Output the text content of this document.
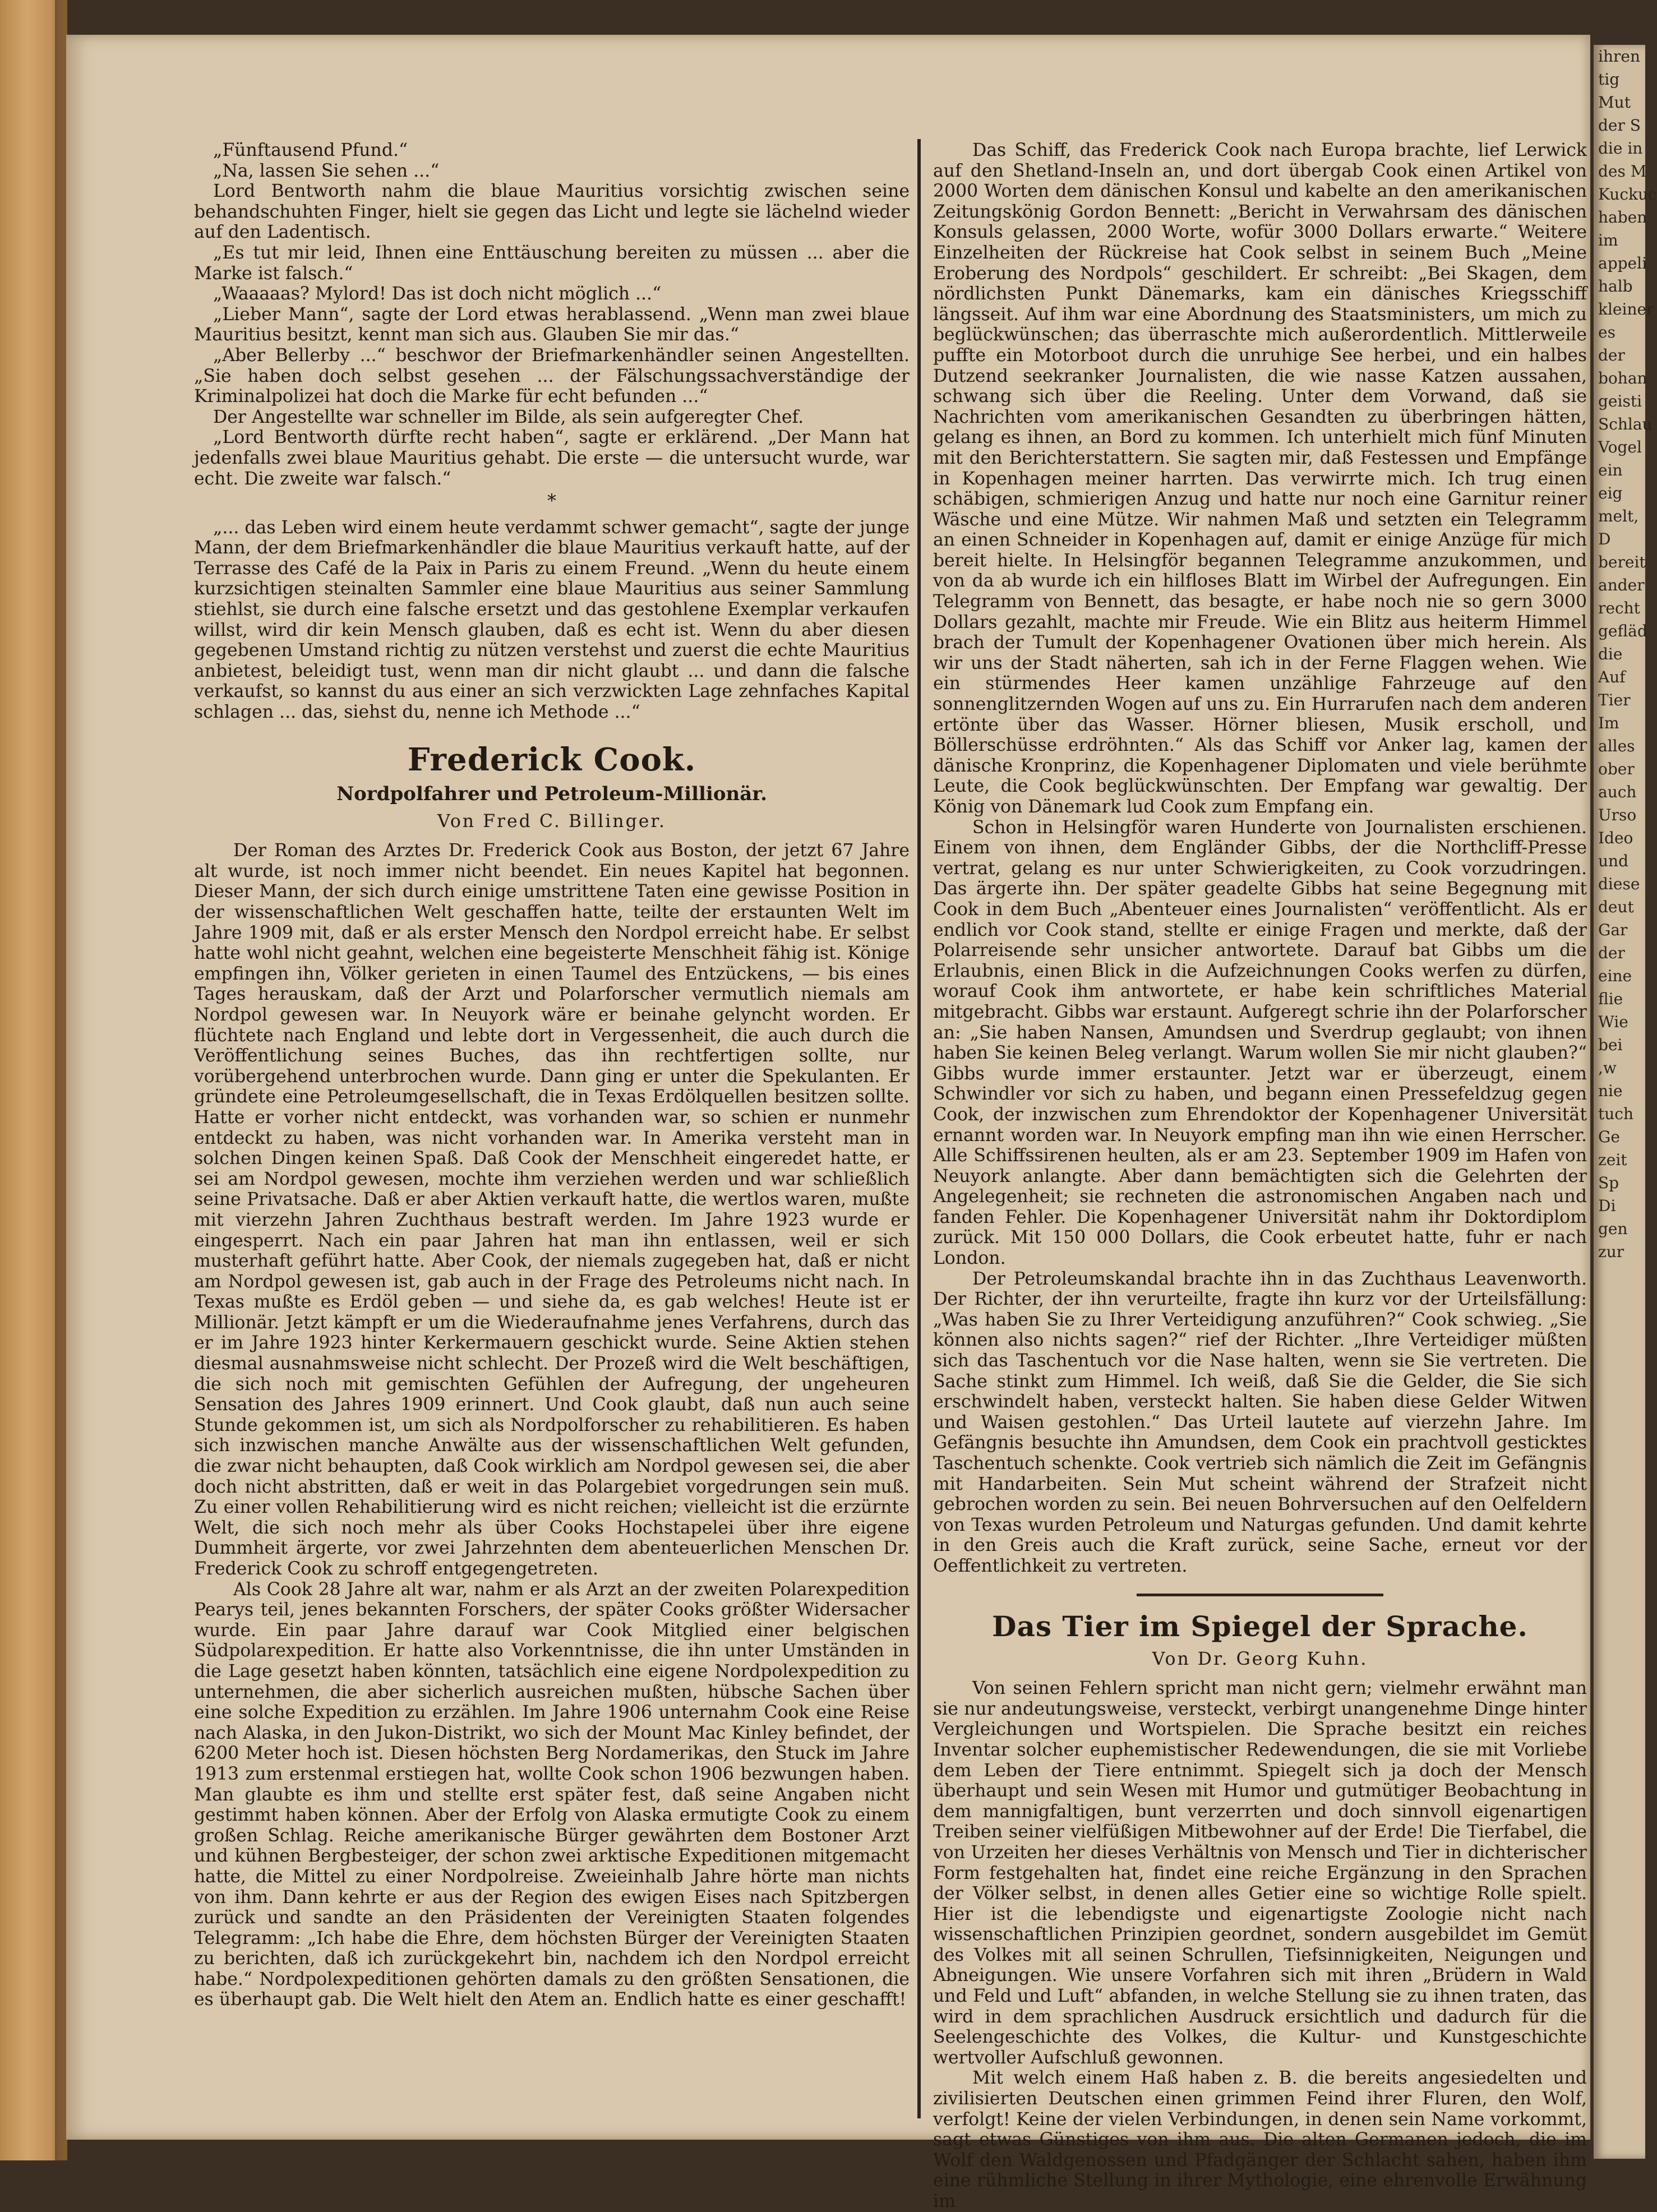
ihren
tig
Mut
der S
die in
des M
Kuckuc
haben
im
appeli
halb
kleiner
es
der
bohan
geisti
Schlau
Vogel
ein
eig
melt,
D
bereit
ander
recht
gefläd
die
Auf
Tier
Im
alles
ober
auch
Urso
Ideo
und
diese
deut
Gar
der
eine
flie
Wie
bei
,w
nie
tuch
Ge
zeit
Sp
Di
gen
zur

„Fünftausend Pfund.“

„Na, lassen Sie sehen ...“

Lord Bentworth nahm die blaue Mauritius vorsichtig zwischen seine behandschuhten Finger, hielt sie gegen das Licht und legte sie lächelnd wieder auf den Ladentisch.

„Es tut mir leid, Ihnen eine Enttäuschung bereiten zu müssen ... aber die Marke ist falsch.“

„Waaaaas? Mylord! Das ist doch nicht möglich ...“

„Lieber Mann“, sagte der Lord etwas herablassend. „Wenn man zwei blaue Mauritius besitzt, kennt man sich aus. Glauben Sie mir das.“

„Aber Bellerby ...“ beschwor der Briefmarkenhändler seinen Angestellten. „Sie haben doch selbst gesehen ... der Fälschungssachverständige der Kriminalpolizei hat doch die Marke für echt befunden ...“

Der Angestellte war schneller im Bilde, als sein aufgeregter Chef.

„Lord Bentworth dürfte recht haben“, sagte er erklärend. „Der Mann hat jedenfalls zwei blaue Mauritius gehabt. Die erste — die untersucht wurde, war echt. Die zweite war falsch.“

*

„... das Leben wird einem heute verdammt schwer gemacht“, sagte der junge Mann, der dem Briefmarkenhändler die blaue Mauritius verkauft hatte, auf der Terrasse des Café de la Paix in Paris zu einem Freund. „Wenn du heute einem kurzsichtigen steinalten Sammler eine blaue Mauritius aus seiner Sammlung stiehlst, sie durch eine falsche ersetzt und das gestohlene Exemplar verkaufen willst, wird dir kein Mensch glauben, daß es echt ist. Wenn du aber diesen gegebenen Umstand richtig zu nützen verstehst und zuerst die echte Mauritius anbietest, beleidigt tust, wenn man dir nicht glaubt ... und dann die falsche verkaufst, so kannst du aus einer an sich verzwickten Lage zehnfaches Kapital schlagen ... das, siehst du, nenne ich Methode ...“

Frederick Cook.
Nordpolfahrer und Petroleum-Millionär.
Von Fred C. Billinger.

Der Roman des Arztes Dr. Frederick Cook aus Boston, der jetzt 67 Jahre alt wurde, ist noch immer nicht beendet. Ein neues Kapitel hat begonnen. Dieser Mann, der sich durch einige umstrittene Taten eine gewisse Position in der wissenschaftlichen Welt geschaffen hatte, teilte der erstaunten Welt im Jahre 1909 mit, daß er als erster Mensch den Nordpol erreicht habe. Er selbst hatte wohl nicht geahnt, welchen eine begeisterte Menschheit fähig ist. Könige empfingen ihn, Völker gerieten in einen Taumel des Entzückens, — bis eines Tages herauskam, daß der Arzt und Polarforscher vermutlich niemals am Nordpol gewesen war. In Neuyork wäre er beinahe gelyncht worden. Er flüchtete nach England und lebte dort in Vergessenheit, die auch durch die Veröffentlichung seines Buches, das ihn rechtfertigen sollte, nur vorübergehend unterbrochen wurde. Dann ging er unter die Spekulanten. Er gründete eine Petroleumgesellschaft, die in Texas Erdölquellen besitzen sollte. Hatte er vorher nicht entdeckt, was vorhanden war, so schien er nunmehr entdeckt zu haben, was nicht vorhanden war. In Amerika versteht man in solchen Dingen keinen Spaß. Daß Cook der Menschheit eingeredet hatte, er sei am Nordpol gewesen, mochte ihm verziehen werden und war schließlich seine Privatsache. Daß er aber Aktien verkauft hatte, die wertlos waren, mußte mit vierzehn Jahren Zuchthaus bestraft werden. Im Jahre 1923 wurde er eingesperrt. Nach ein paar Jahren hat man ihn entlassen, weil er sich musterhaft geführt hatte. Aber Cook, der niemals zugegeben hat, daß er nicht am Nordpol gewesen ist, gab auch in der Frage des Petroleums nicht nach. In Texas mußte es Erdöl geben — und siehe da, es gab welches! Heute ist er Millionär. Jetzt kämpft er um die Wiederaufnahme jenes Verfahrens, durch das er im Jahre 1923 hinter Kerkermauern geschickt wurde. Seine Aktien stehen diesmal ausnahmsweise nicht schlecht. Der Prozeß wird die Welt beschäftigen, die sich noch mit gemischten Gefühlen der Aufregung, der ungeheuren Sensation des Jahres 1909 erinnert. Und Cook glaubt, daß nun auch seine Stunde gekommen ist, um sich als Nordpolforscher zu rehabilitieren. Es haben sich inzwischen manche Anwälte aus der wissenschaftlichen Welt gefunden, die zwar nicht behaupten, daß Cook wirklich am Nordpol gewesen sei, die aber doch nicht abstritten, daß er weit in das Polargebiet vorgedrungen sein muß. Zu einer vollen Rehabilitierung wird es nicht reichen; vielleicht ist die erzürnte Welt, die sich noch mehr als über Cooks Hochstapelei über ihre eigene Dummheit ärgerte, vor zwei Jahrzehnten dem abenteuerlichen Menschen Dr. Frederick Cook zu schroff entgegengetreten.

Als Cook 28 Jahre alt war, nahm er als Arzt an der zweiten Polarexpedition Pearys teil, jenes bekannten Forschers, der später Cooks größter Widersacher wurde. Ein paar Jahre darauf war Cook Mitglied einer belgischen Südpolarexpedition. Er hatte also Vorkenntnisse, die ihn unter Umständen in die Lage gesetzt haben könnten, tatsächlich eine eigene Nordpolexpedition zu unternehmen, die aber sicherlich ausreichen mußten, hübsche Sachen über eine solche Expedition zu erzählen. Im Jahre 1906 unternahm Cook eine Reise nach Alaska, in den Jukon-Distrikt, wo sich der Mount Mac Kinley befindet, der 6200 Meter hoch ist. Diesen höchsten Berg Nordamerikas, den Stuck im Jahre 1913 zum erstenmal erstiegen hat, wollte Cook schon 1906 bezwungen haben. Man glaubte es ihm und stellte erst später fest, daß seine Angaben nicht gestimmt haben können. Aber der Erfolg von Alaska ermutigte Cook zu einem großen Schlag. Reiche amerikanische Bürger gewährten dem Bostoner Arzt und kühnen Bergbesteiger, der schon zwei arktische Expeditionen mitgemacht hatte, die Mittel zu einer Nordpolreise. Zweieinhalb Jahre hörte man nichts von ihm. Dann kehrte er aus der Region des ewigen Eises nach Spitzbergen zurück und sandte an den Präsidenten der Vereinigten Staaten folgendes Telegramm: „Ich habe die Ehre, dem höchsten Bürger der Vereinigten Staaten zu berichten, daß ich zurückgekehrt bin, nachdem ich den Nordpol erreicht habe.“ Nordpolexpeditionen gehörten damals zu den größten Sensationen, die es überhaupt gab. Die Welt hielt den Atem an. Endlich hatte es einer geschafft!

Das Schiff, das Frederick Cook nach Europa brachte, lief Lerwick auf den Shetland-Inseln an, und dort übergab Cook einen Artikel von 2000 Worten dem dänischen Konsul und kabelte an den amerikanischen Zeitungskönig Gordon Bennett: „Bericht in Verwahrsam des dänischen Konsuls gelassen, 2000 Worte, wofür 3000 Dollars erwarte.“ Weitere Einzelheiten der Rückreise hat Cook selbst in seinem Buch „Meine Eroberung des Nordpols“ geschildert. Er schreibt: „Bei Skagen, dem nördlichsten Punkt Dänemarks, kam ein dänisches Kriegsschiff längsseit. Auf ihm war eine Abordnung des Staatsministers, um mich zu beglückwünschen; das überraschte mich außerordentlich. Mittlerweile puffte ein Motorboot durch die unruhige See herbei, und ein halbes Dutzend seekranker Journalisten, die wie nasse Katzen aussahen, schwang sich über die Reeling. Unter dem Vorwand, daß sie Nachrichten vom amerikanischen Gesandten zu überbringen hätten, gelang es ihnen, an Bord zu kommen. Ich unterhielt mich fünf Minuten mit den Berichterstattern. Sie sagten mir, daß Festessen und Empfänge in Kopenhagen meiner harrten. Das verwirrte mich. Ich trug einen schäbigen, schmierigen Anzug und hatte nur noch eine Garnitur reiner Wäsche und eine Mütze. Wir nahmen Maß und setzten ein Telegramm an einen Schneider in Kopenhagen auf, damit er einige Anzüge für mich bereit hielte. In Helsingför begannen Telegramme anzukommen, und von da ab wurde ich ein hilfloses Blatt im Wirbel der Aufregungen. Ein Telegramm von Bennett, das besagte, er habe noch nie so gern 3000 Dollars gezahlt, machte mir Freude. Wie ein Blitz aus heiterm Himmel brach der Tumult der Kopenhagener Ovationen über mich herein. Als wir uns der Stadt näherten, sah ich in der Ferne Flaggen wehen. Wie ein stürmendes Heer kamen unzählige Fahrzeuge auf den sonnenglitzernden Wogen auf uns zu. Ein Hurrarufen nach dem anderen ertönte über das Wasser. Hörner bliesen, Musik erscholl, und Böllerschüsse erdröhnten.“ Als das Schiff vor Anker lag, kamen der dänische Kronprinz, die Kopenhagener Diplomaten und viele berühmte Leute, die Cook beglückwünschten. Der Empfang war gewaltig. Der König von Dänemark lud Cook zum Empfang ein.

Schon in Helsingför waren Hunderte von Journalisten erschienen. Einem von ihnen, dem Engländer Gibbs, der die Northcliff-Presse vertrat, gelang es nur unter Schwierigkeiten, zu Cook vorzudringen. Das ärgerte ihn. Der später geadelte Gibbs hat seine Begegnung mit Cook in dem Buch „Abenteuer eines Journalisten“ veröffentlicht. Als er endlich vor Cook stand, stellte er einige Fragen und merkte, daß der Polarreisende sehr unsicher antwortete. Darauf bat Gibbs um die Erlaubnis, einen Blick in die Aufzeichnungen Cooks werfen zu dürfen, worauf Cook ihm antwortete, er habe kein schriftliches Material mitgebracht. Gibbs war erstaunt. Aufgeregt schrie ihn der Polarforscher an: „Sie haben Nansen, Amundsen und Sverdrup geglaubt; von ihnen haben Sie keinen Beleg verlangt. Warum wollen Sie mir nicht glauben?“ Gibbs wurde immer erstaunter. Jetzt war er überzeugt, einem Schwindler vor sich zu haben, und begann einen Pressefeldzug gegen Cook, der inzwischen zum Ehrendoktor der Kopenhagener Universität ernannt worden war. In Neuyork empfing man ihn wie einen Herrscher. Alle Schiffssirenen heulten, als er am 23. September 1909 im Hafen von Neuyork anlangte. Aber dann bemächtigten sich die Gelehrten der Angelegenheit; sie rechneten die astronomischen Angaben nach und fanden Fehler. Die Kopenhagener Universität nahm ihr Doktordiplom zurück. Mit 150 000 Dollars, die Cook erbeutet hatte, fuhr er nach London.

Der Petroleumskandal brachte ihn in das Zuchthaus Leavenworth. Der Richter, der ihn verurteilte, fragte ihn kurz vor der Urteilsfällung: „Was haben Sie zu Ihrer Verteidigung anzuführen?“ Cook schwieg. „Sie können also nichts sagen?“ rief der Richter. „Ihre Verteidiger müßten sich das Taschentuch vor die Nase halten, wenn sie Sie vertreten. Die Sache stinkt zum Himmel. Ich weiß, daß Sie die Gelder, die Sie sich erschwindelt haben, versteckt halten. Sie haben diese Gelder Witwen und Waisen gestohlen.“ Das Urteil lautete auf vierzehn Jahre. Im Gefängnis besuchte ihn Amundsen, dem Cook ein prachtvoll gesticktes Taschentuch schenkte. Cook vertrieb sich nämlich die Zeit im Gefängnis mit Handarbeiten. Sein Mut scheint während der Strafzeit nicht gebrochen worden zu sein. Bei neuen Bohrversuchen auf den Oelfeldern von Texas wurden Petroleum und Naturgas gefunden. Und damit kehrte in den Greis auch die Kraft zurück, seine Sache, erneut vor der Oeffentlichkeit zu vertreten.

Das Tier im Spiegel der Sprache.
Von Dr. Georg Kuhn.

Von seinen Fehlern spricht man nicht gern; vielmehr erwähnt man sie nur andeutungsweise, versteckt, verbirgt unangenehme Dinge hinter Vergleichungen und Wortspielen. Die Sprache besitzt ein reiches Inventar solcher euphemistischer Redewendungen, die sie mit Vorliebe dem Leben der Tiere entnimmt. Spiegelt sich ja doch der Mensch überhaupt und sein Wesen mit Humor und gutmütiger Beobachtung in dem mannigfaltigen, bunt verzerrten und doch sinnvoll eigenartigen Treiben seiner vielfüßigen Mitbewohner auf der Erde! Die Tierfabel, die von Urzeiten her dieses Verhältnis von Mensch und Tier in dichterischer Form festgehalten hat, findet eine reiche Ergänzung in den Sprachen der Völker selbst, in denen alles Getier eine so wichtige Rolle spielt. Hier ist die lebendigste und eigenartigste Zoologie nicht nach wissenschaftlichen Prinzipien geordnet, sondern ausgebildet im Gemüt des Volkes mit all seinen Schrullen, Tiefsinnigkeiten, Neigungen und Abneigungen. Wie unsere Vorfahren sich mit ihren „Brüdern in Wald und Feld und Luft“ abfanden, in welche Stellung sie zu ihnen traten, das wird in dem sprachlichen Ausdruck ersichtlich und dadurch für die Seelengeschichte des Volkes, die Kultur- und Kunstgeschichte wertvoller Aufschluß gewonnen.

Mit welch einem Haß haben z. B. die bereits angesiedelten und zivilisierten Deutschen einen grimmen Feind ihrer Fluren, den Wolf, verfolgt! Keine der vielen Verbindungen, in denen sein Name vorkommt, sagt etwas Günstiges von ihm aus. Die alten Germanen jedoch, die im Wolf den Waldgenossen und Pfadgänger der Schlacht sahen, haben ihm eine rühmliche Stellung in ihrer Mythologie, eine ehrenvolle Erwähnung im
